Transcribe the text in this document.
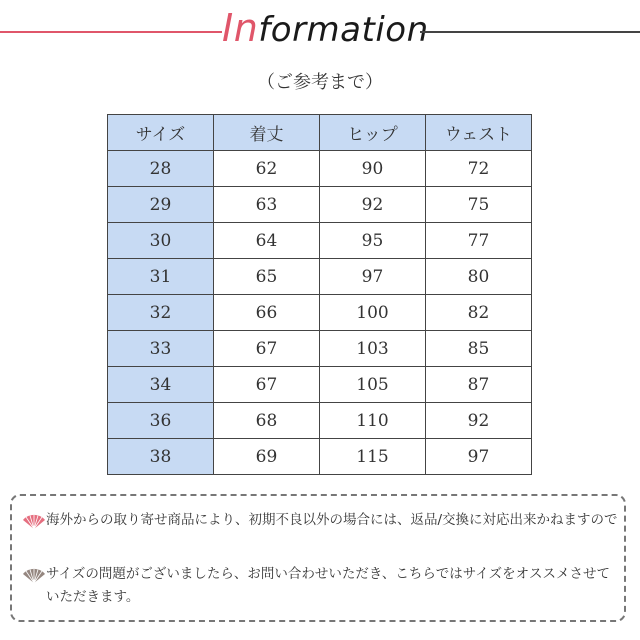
Information
（ご参考まで）
サイズ	着丈	ヒップ	ウェスト
28	62	90	72
29	63	92	75
30	64	95	77
31	65	97	80
32	66	100	82
33	67	103	85
34	67	105	87
36	68	110	92
38	69	115	97
海外からの取り寄せ商品により、初期不良以外の場合には、返品/交換に対応出来かねますので
サイズの問題がございましたら、お問い合わせいただき、こちらではサイズをオススメさせていただきます。
